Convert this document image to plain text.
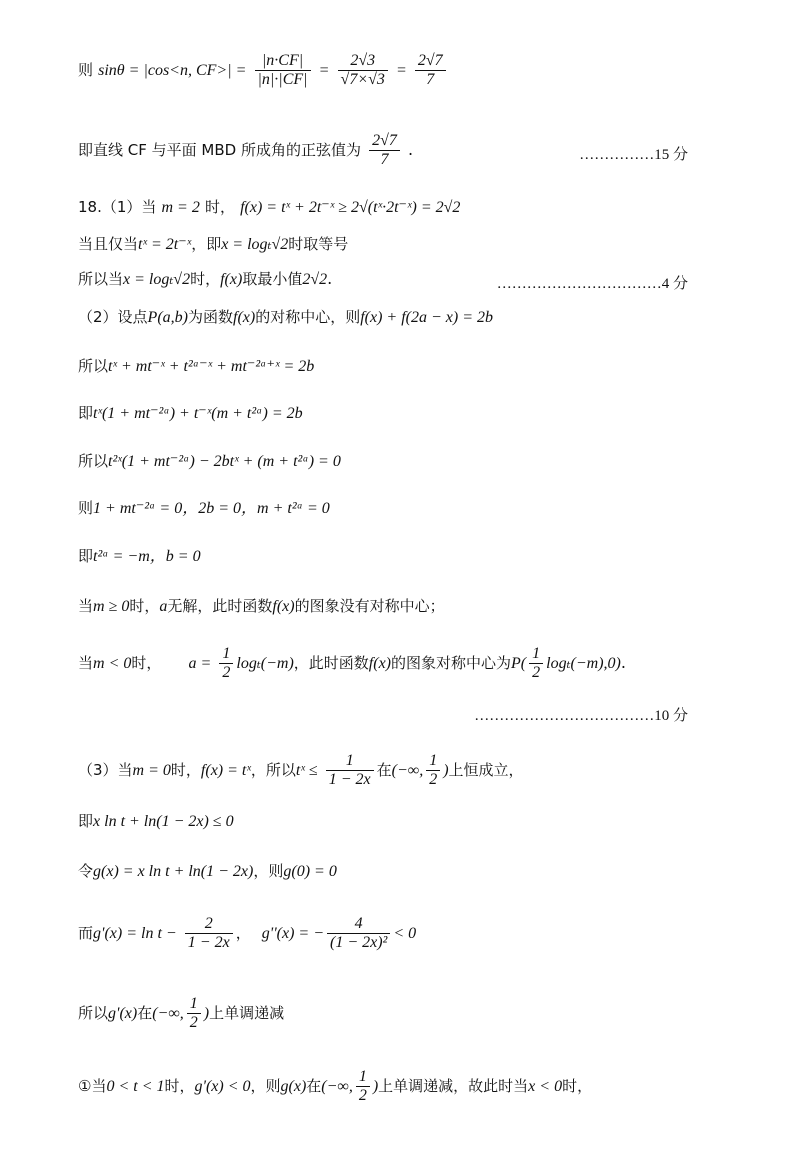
则 sinθ = |cos<n, $CF>| = \frac{|n\cdot CF|}{|n|\cdot|CF|} = \frac{2√3}{√7\times√3} = \frac{2√7}{7}$
即直线 CF 与平面 MBD 所成角的正弦值为 $\frac{2√7}{7}$ .	……………15 分
18.（1）当 m = 2 时， f(x) = tˣ + 2t⁻ˣ ≥ 2√(tˣ·2t⁻ˣ) = 2√2
当且仅当tˣ = 2t⁻ˣ，即x = logₜ√2时取等号
所以当x = logₜ√2时，f(x)取最小值2√2.	……………………………4 分
（2）设点P(a,b)为函数f(x)的对称中心，则f(x) + f(2a − x) = 2b
所以tˣ + mt⁻ˣ + t²ᵃ⁻ˣ + mt⁻²ᵃ⁺ˣ = 2b
即tˣ(1 + mt⁻²ᵃ) + t⁻ˣ(m + t²ᵃ) = 2b
所以t²ˣ(1 + mt⁻²ᵃ) − 2btˣ + (m + t²ᵃ) = 0
则1 + mt⁻²ᵃ = 0，2b = 0，m + t²ᵃ = 0
即t²ᵃ = −m，b = 0
当m ≥ 0时，a无解，此时函数f(x)的图象没有对称中心；
当m < 0时， $a = \frac{1}{2} \log_t(-m)$，此时函数f(x)的图象对称中心为$P( \frac{1}{2} \log_t(-m),0)$.
………………………………10 分
（3）当m = 0时，f(x) = tˣ，所以tˣ ≤ $\frac{1}{1 - 2x}$ 在(−∞, $\frac{1}{2}$ )上恒成立，
即x ln t + ln(1 − 2x) ≤ 0
令g(x) = x ln t + ln(1 − 2x)，则g(0) = 0
而$g'(x) = \ln t - \frac{2}{1 - 2x}$ ， g''(x) = − $\frac{4}{\text{(1 − 2x)²}} < 0$
所以g'(x)在(−∞, $\frac{1}{2}$ )上单调递减
①当0 < t < 1时，g'(x) < 0，则g(x)在(−∞, $\frac{1}{2}$ )上单调递减，故此时当x < 0时，
